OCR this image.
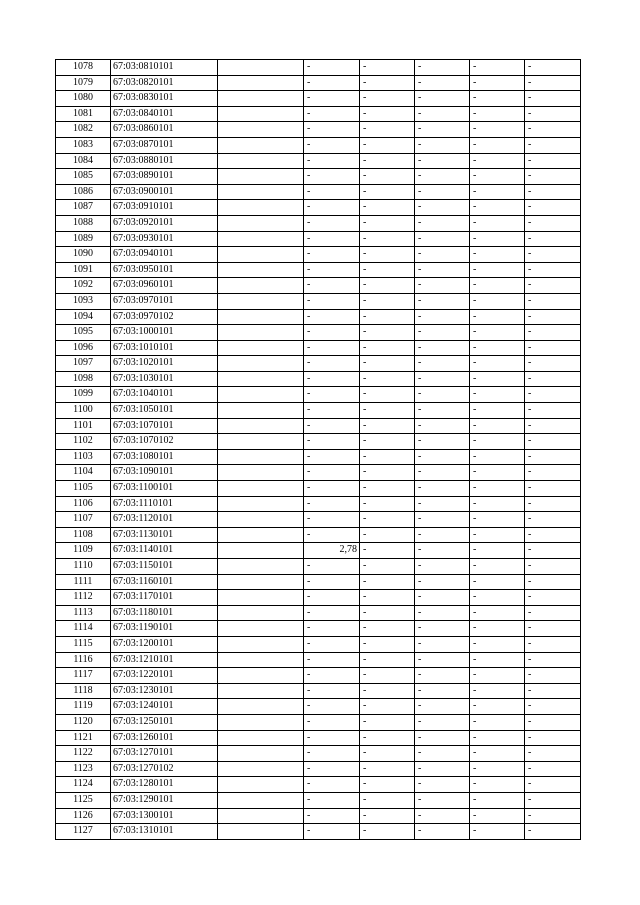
1078	67:03:0810101		-	-	-	-	-
1079	67:03:0820101		-	-	-	-	-
1080	67:03:0830101		-	-	-	-	-
1081	67:03:0840101		-	-	-	-	-
1082	67:03:0860101		-	-	-	-	-
1083	67:03:0870101		-	-	-	-	-
1084	67:03:0880101		-	-	-	-	-
1085	67:03:0890101		-	-	-	-	-
1086	67:03:0900101		-	-	-	-	-
1087	67:03:0910101		-	-	-	-	-
1088	67:03:0920101		-	-	-	-	-
1089	67:03:0930101		-	-	-	-	-
1090	67:03:0940101		-	-	-	-	-
1091	67:03:0950101		-	-	-	-	-
1092	67:03:0960101		-	-	-	-	-
1093	67:03:0970101		-	-	-	-	-
1094	67:03:0970102		-	-	-	-	-
1095	67:03:1000101		-	-	-	-	-
1096	67:03:1010101		-	-	-	-	-
1097	67:03:1020101		-	-	-	-	-
1098	67:03:1030101		-	-	-	-	-
1099	67:03:1040101		-	-	-	-	-
1100	67:03:1050101		-	-	-	-	-
1101	67:03:1070101		-	-	-	-	-
1102	67:03:1070102		-	-	-	-	-
1103	67:03:1080101		-	-	-	-	-
1104	67:03:1090101		-	-	-	-	-
1105	67:03:1100101		-	-	-	-	-
1106	67:03:1110101		-	-	-	-	-
1107	67:03:1120101		-	-	-	-	-
1108	67:03:1130101		-	-	-	-	-
1109	67:03:1140101		2,78	-	-	-	-
1110	67:03:1150101		-	-	-	-	-
1111	67:03:1160101		-	-	-	-	-
1112	67:03:1170101		-	-	-	-	-
1113	67:03:1180101		-	-	-	-	-
1114	67:03:1190101		-	-	-	-	-
1115	67:03:1200101		-	-	-	-	-
1116	67:03:1210101		-	-	-	-	-
1117	67:03:1220101		-	-	-	-	-
1118	67:03:1230101		-	-	-	-	-
1119	67:03:1240101		-	-	-	-	-
1120	67:03:1250101		-	-	-	-	-
1121	67:03:1260101		-	-	-	-	-
1122	67:03:1270101		-	-	-	-	-
1123	67:03:1270102		-	-	-	-	-
1124	67:03:1280101		-	-	-	-	-
1125	67:03:1290101		-	-	-	-	-
1126	67:03:1300101		-	-	-	-	-
1127	67:03:1310101		-	-	-	-	-
